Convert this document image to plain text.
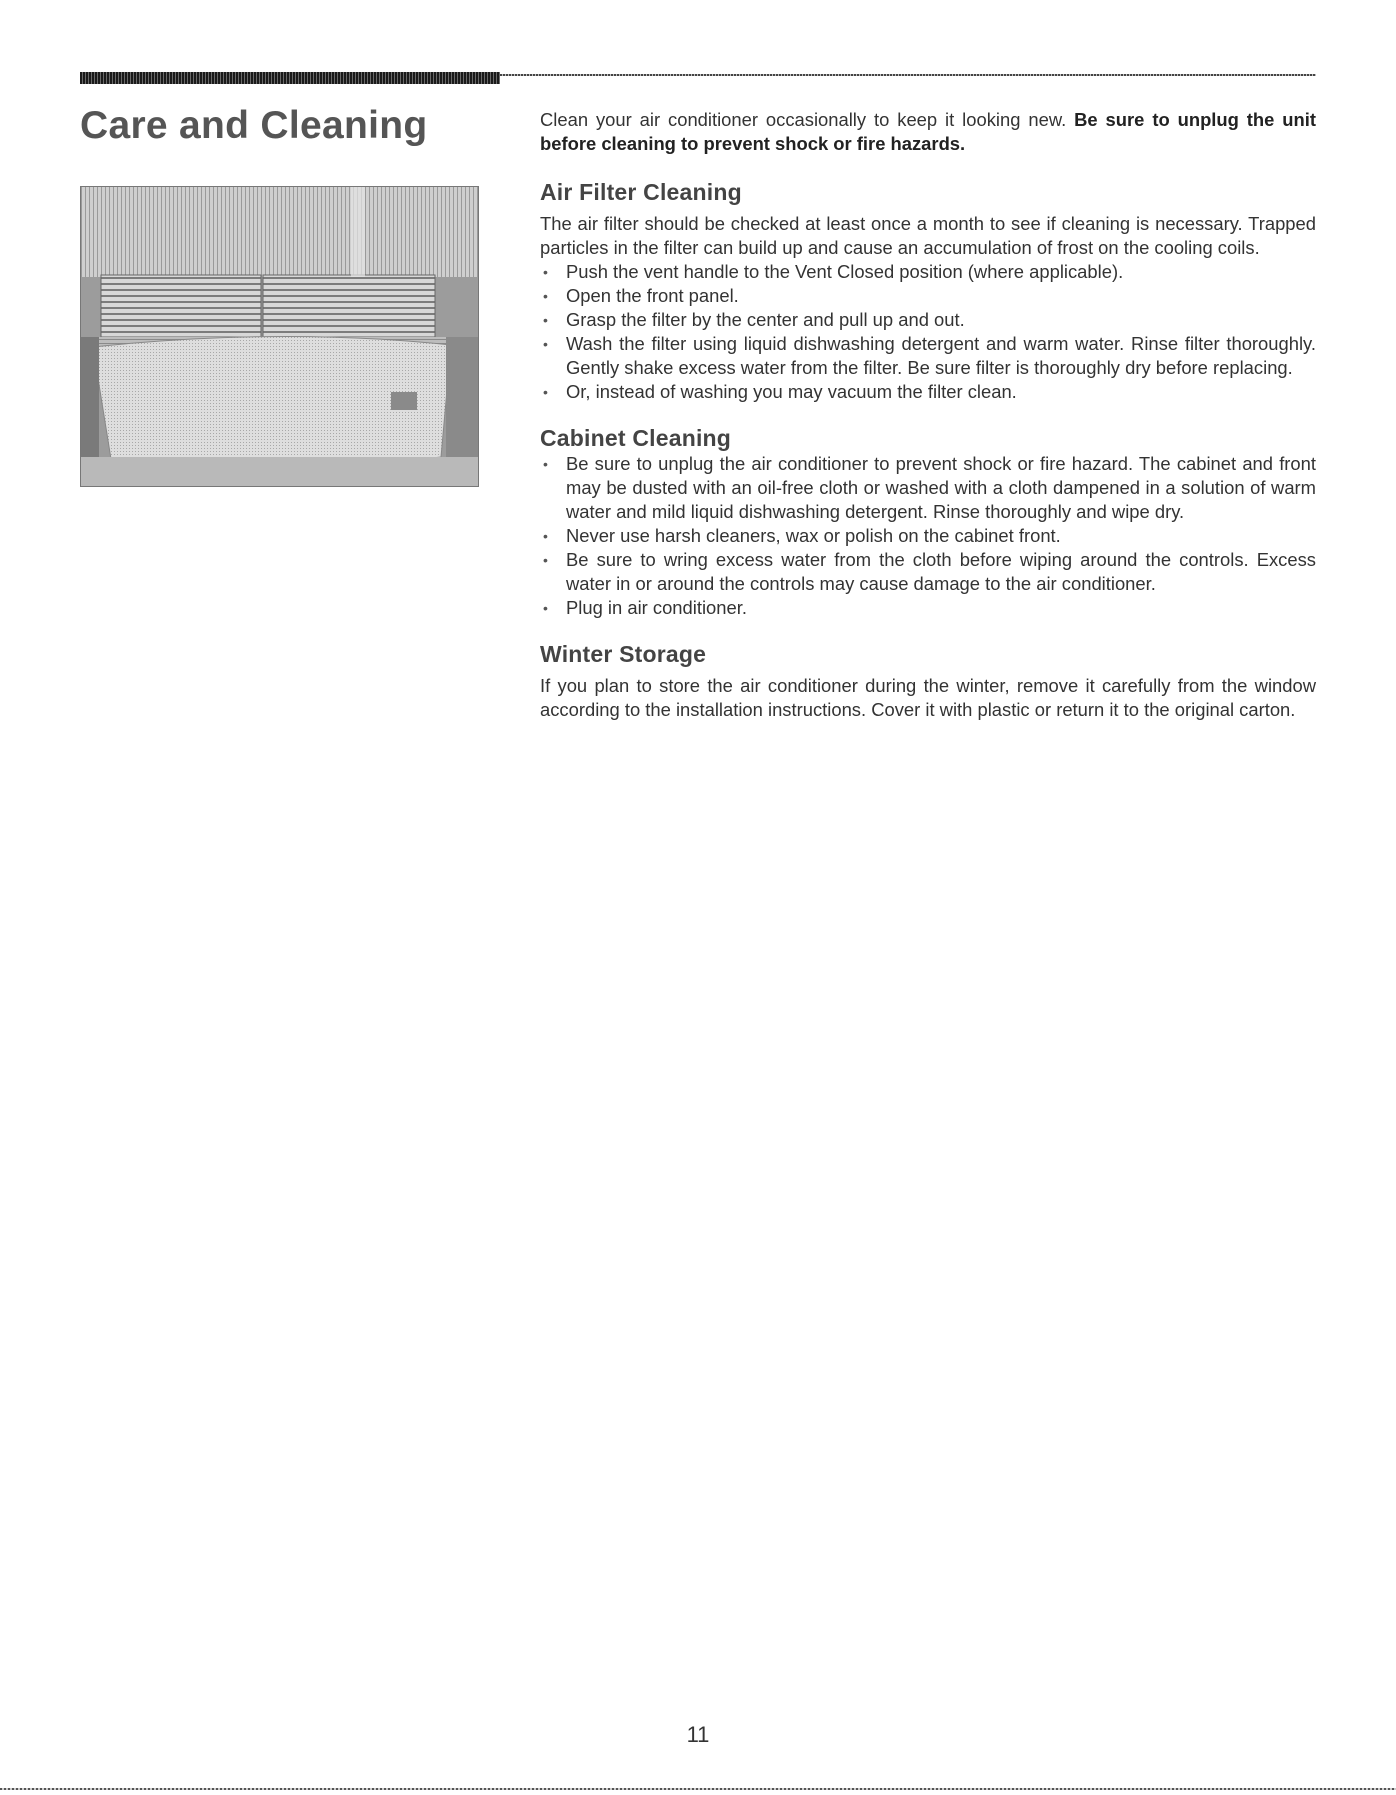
Care and Cleaning	Clean your air conditioner occasionally to keep it looking new. Be sure to unplug the unit before cleaning to prevent shock or fire hazards.

Air Filter Cleaning

The air filter should be checked at least once a month to see if cleaning is necessary. Trapped particles in the filter can build up and cause an accumulation of frost on the cooling coils.

• Push the vent handle to the Vent Closed position (where applicable).
• Open the front panel.
• Grasp the filter by the center and pull up and out.
• Wash the filter using liquid dishwashing detergent and warm water. Rinse filter thoroughly. Gently shake excess water from the filter. Be sure filter is thoroughly dry before replacing.
• Or, instead of washing you may vacuum the filter clean.
Cabinet Cleaning
• Be sure to unplug the air conditioner to prevent shock or fire hazard. The cabinet and front may be dusted with an oil-free cloth or washed with a cloth dampened in a solution of warm water and mild liquid dishwashing detergent. Rinse thoroughly and wipe dry.
• Never use harsh cleaners, wax or polish on the cabinet front.
• Be sure to wring excess water from the cloth before wiping around the controls. Excess water in or around the controls may cause damage to the air conditioner.
• Plug in air conditioner.
Winter Storage

If you plan to store the air conditioner during the winter, remove it carefully from the window according to the installation instructions. Cover it with plastic or return it to the original carton.

11
